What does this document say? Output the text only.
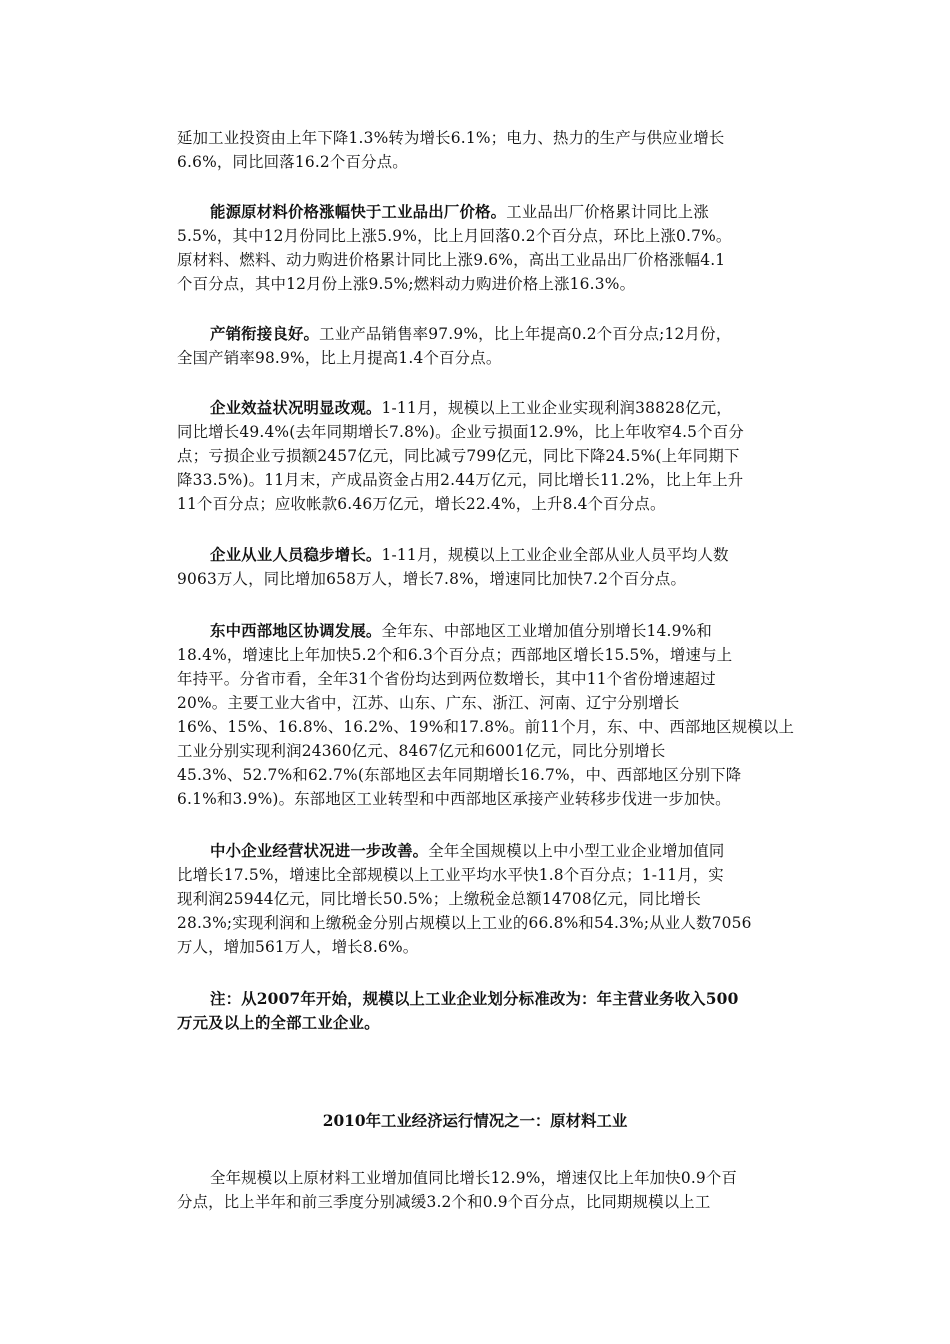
延加工业投资由上年下降1.3%转为增长6.1%；电力、热力的生产与供应业增长
6.6%，同比回落16.2个百分点。
能源原材料价格涨幅快于工业品出厂价格。工业品出厂价格累计同比上涨
5.5%，其中12月份同比上涨5.9%，比上月回落0.2个百分点，环比上涨0.7%。
原材料、燃料、动力购进价格累计同比上涨9.6%，高出工业品出厂价格涨幅4.1
个百分点，其中12月份上涨9.5%;燃料动力购进价格上涨16.3%。
产销衔接良好。工业产品销售率97.9%，比上年提高0.2个百分点;12月份，
全国产销率98.9%，比上月提高1.4个百分点。
企业效益状况明显改观。1-11月，规模以上工业企业实现利润38828亿元，
同比增长49.4%(去年同期增长7.8%)。企业亏损面12.9%，比上年收窄4.5个百分
点；亏损企业亏损额2457亿元，同比减亏799亿元，同比下降24.5%(上年同期下
降33.5%)。11月末，产成品资金占用2.44万亿元，同比增长11.2%，比上年上升
11个百分点；应收帐款6.46万亿元，增长22.4%，上升8.4个百分点。
企业从业人员稳步增长。1-11月，规模以上工业企业全部从业人员平均人数
9063万人，同比增加658万人，增长7.8%，增速同比加快7.2个百分点。
东中西部地区协调发展。全年东、中部地区工业增加值分别增长14.9%和
18.4%，增速比上年加快5.2个和6.3个百分点；西部地区增长15.5%，增速与上
年持平。分省市看，全年31个省份均达到两位数增长，其中11个省份增速超过
20%。主要工业大省中，江苏、山东、广东、浙江、河南、辽宁分别增长
16%、15%、16.8%、16.2%、19%和17.8%。前11个月，东、中、西部地区规模以上
工业分别实现利润24360亿元、8467亿元和6001亿元，同比分别增长
45.3%、52.7%和62.7%(东部地区去年同期增长16.7%，中、西部地区分别下降
6.1%和3.9%)。东部地区工业转型和中西部地区承接产业转移步伐进一步加快。
中小企业经营状况进一步改善。全年全国规模以上中小型工业企业增加值同
比增长17.5%，增速比全部规模以上工业平均水平快1.8个百分点；1-11月，实
现利润25944亿元，同比增长50.5%；上缴税金总额14708亿元，同比增长
28.3%;实现利润和上缴税金分别占规模以上工业的66.8%和54.3%;从业人数7056
万人，增加561万人，增长8.6%。
注：从2007年开始，规模以上工业企业划分标准改为：年主营业务收入500
万元及以上的全部工业企业。
全年规模以上原材料工业增加值同比增长12.9%，增速仅比上年加快0.9个百
分点，比上半年和前三季度分别减缓3.2个和0.9个百分点，比同期规模以上工
2010年工业经济运行情况之一：原材料工业
